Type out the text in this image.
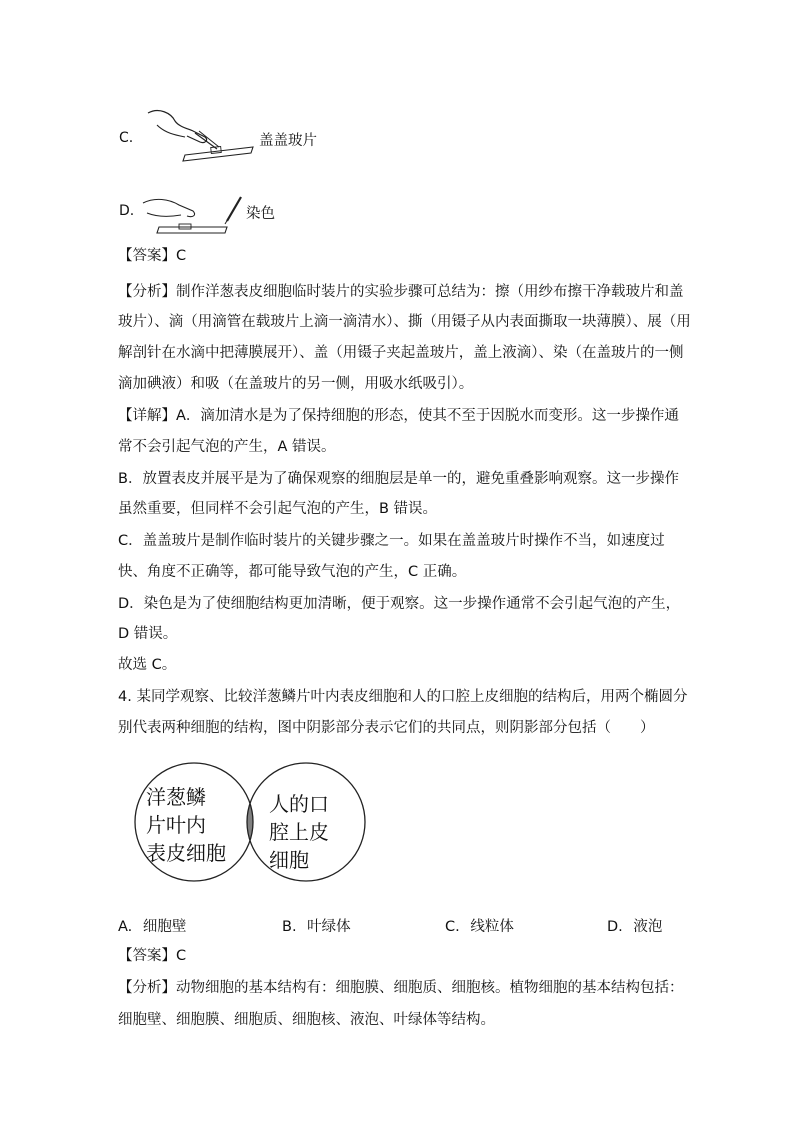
C.	盖盖玻片
D.	染色
【答案】C
【分析】制作洋葱表皮细胞临时装片的实验步骤可总结为：擦（用纱布擦干净载玻片和盖
玻片）、滴（用滴管在载玻片上滴一滴清水）、撕（用镊子从内表面撕取一块薄膜）、展（用
解剖针在水滴中把薄膜展开）、盖（用镊子夹起盖玻片，盖上液滴）、染（在盖玻片的一侧
滴加碘液）和吸（在盖玻片的另一侧，用吸水纸吸引）。
【详解】A．滴加清水是为了保持细胞的形态，使其不至于因脱水而变形。这一步操作通
常不会引起气泡的产生，A 错误。
B．放置表皮并展平是为了确保观察的细胞层是单一的，避免重叠影响观察。这一步操作
虽然重要，但同样不会引起气泡的产生，B 错误。
C．盖盖玻片是制作临时装片的关键步骤之一。如果在盖盖玻片时操作不当，如速度过
快、角度不正确等，都可能导致气泡的产生，C 正确。
D．染色是为了使细胞结构更加清晰，便于观察。这一步操作通常不会引起气泡的产生，
D 错误。
故选 C。
4. 某同学观察、比较洋葱鳞片叶内表皮细胞和人的口腔上皮细胞的结构后，用两个椭圆分
别代表两种细胞的结构，图中阴影部分表示它们的共同点，则阴影部分包括（　　）
洋葱鳞
片叶内
表皮细胞
人的口
腔上皮
细胞
A. 细胞壁	B. 叶绿体	C. 线粒体	D. 液泡
【答案】C
【分析】动物细胞的基本结构有：细胞膜、细胞质、细胞核。植物细胞的基本结构包括：
细胞壁、细胞膜、细胞质、细胞核、液泡、叶绿体等结构。
